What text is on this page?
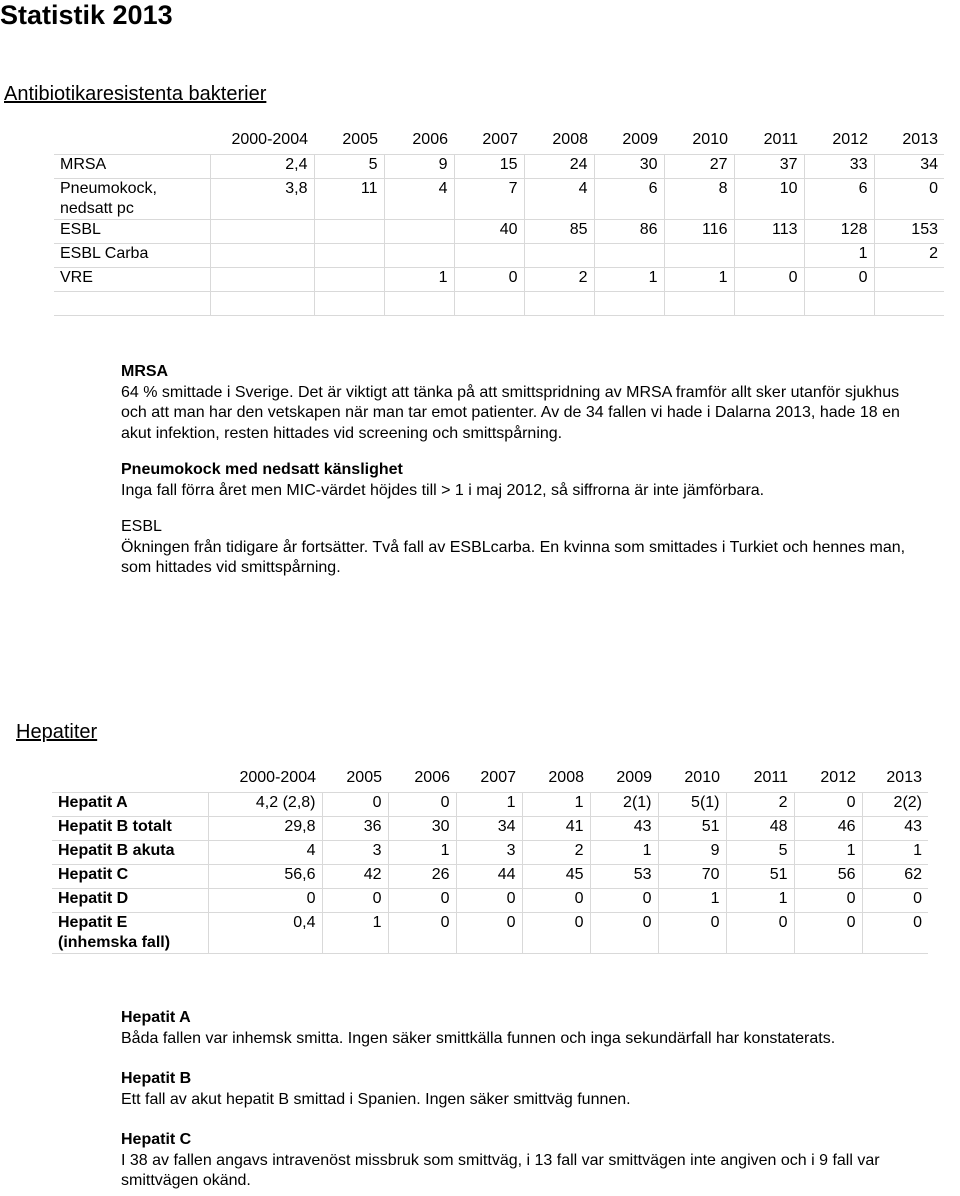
Statistik 2013
Antibiotikaresistenta bakterier
	2000-2004	2005	2006	2007	2008	2009	2010	2011	2012	2013
MRSA	2,4	5	9	15	24	30	27	37	33	34
Pneumokock, nedsatt pc	3,8	11	4	7	4	6	8	10	6	0
ESBL				40	85	86	116	113	128	153
ESBL Carba									1	2
VRE			1	0	2	1	1	0	0	

MRSA
64 % smittade i Sverige. Det är viktigt att tänka på att smittspridning av MRSA framför allt sker utanför sjukhus och att man har den vetskapen när man tar emot patienter. Av de 34 fallen vi hade i Dalarna 2013, hade 18 en akut infektion, resten hittades vid screening och smittspårning.
Pneumokock med nedsatt känslighet
Inga fall förra året men MIC-värdet höjdes till > 1 i maj 2012, så siffrorna är inte jämförbara.
ESBL
Ökningen från tidigare år fortsätter. Två fall av ESBLcarba. En kvinna som smittades i Turkiet och hennes man, som hittades vid smittspårning.
Hepatiter
	2000-2004	2005	2006	2007	2008	2009	2010	2011	2012	2013
Hepatit A	4,2 (2,8)	0	0	1	1	2(1)	5(1)	2	0	2(2)
Hepatit B totalt	29,8	36	30	34	41	43	51	48	46	43
Hepatit B akuta	4	3	1	3	2	1	9	5	1	1
Hepatit C	56,6	42	26	44	45	53	70	51	56	62
Hepatit D	0	0	0	0	0	0	1	1	0	0
Hepatit E (inhemska fall)	0,4	1	0	0	0	0	0	0	0	0
Hepatit A
Båda fallen var inhemsk smitta. Ingen säker smittkälla funnen och inga sekundärfall har konstaterats.
Hepatit B
Ett fall av akut hepatit B smittad i Spanien. Ingen säker smittväg funnen.
Hepatit C
I 38 av fallen angavs intravenöst missbruk som smittväg, i 13 fall var smittvägen inte angiven och i 9 fall var smittvägen okänd.
